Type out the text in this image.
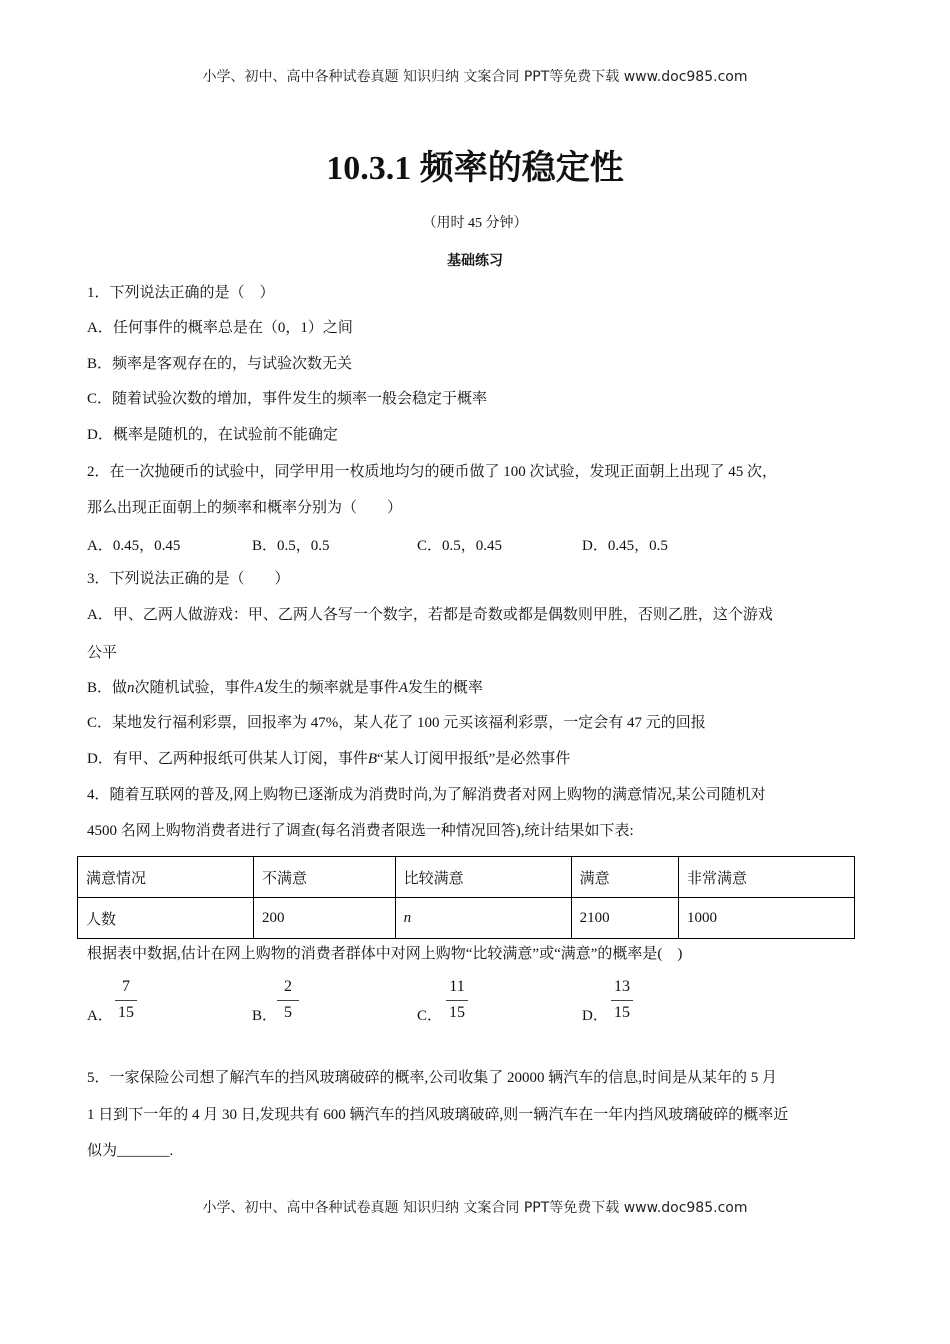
小学、初中、高中各种试卷真题 知识归纳 文案合同 PPT等免费下载 www.doc985.com
10.3.1 频率的稳定性
（用时 45 分钟）
基础练习
1．下列说法正确的是（　）
A．任何事件的概率总是在（0，1）之间
B．频率是客观存在的，与试验次数无关
C．随着试验次数的增加，事件发生的频率一般会稳定于概率
D．概率是随机的，在试验前不能确定
2．在一次抛硬币的试验中，同学甲用一枚质地均匀的硬币做了 100 次试验，发现正面朝上出现了 45 次，
那么出现正面朝上的频率和概率分别为（　　）
A．0.45，0.45	B．0.5，0.5	C．0.5，0.45	D．0.45，0.5
3．下列说法正确的是（　　）
A．甲、乙两人做游戏：甲、乙两人各写一个数字，若都是奇数或都是偶数则甲胜，否则乙胜，这个游戏
公平
B．做n次随机试验，事件A发生的频率就是事件A发生的概率
C．某地发行福利彩票，回报率为 47%，某人花了 100 元买该福利彩票，一定会有 47 元的回报
D．有甲、乙两种报纸可供某人订阅，事件B“某人订阅甲报纸”是必然事件
4．随着互联网的普及,网上购物已逐渐成为消费时尚,为了解消费者对网上购物的满意情况,某公司随机对
4500 名网上购物消费者进行了调查(每名消费者限选一种情况回答),统计结果如下表:
满意情况	不满意	比较满意	满意	非常满意
人数	200	n	2100	1000
根据表中数据,估计在网上购物的消费者群体中对网上购物“比较满意”或“满意”的概率是(　)
A．
7
15	B．
2
5	C．
11
15	D．
13
15
5．一家保险公司想了解汽车的挡风玻璃破碎的概率,公司收集了 20000 辆汽车的信息,时间是从某年的 5 月
1 日到下一年的 4 月 30 日,发现共有 600 辆汽车的挡风玻璃破碎,则一辆汽车在一年内挡风玻璃破碎的概率近
似为_______.
小学、初中、高中各种试卷真题 知识归纳 文案合同 PPT等免费下载 www.doc985.com
